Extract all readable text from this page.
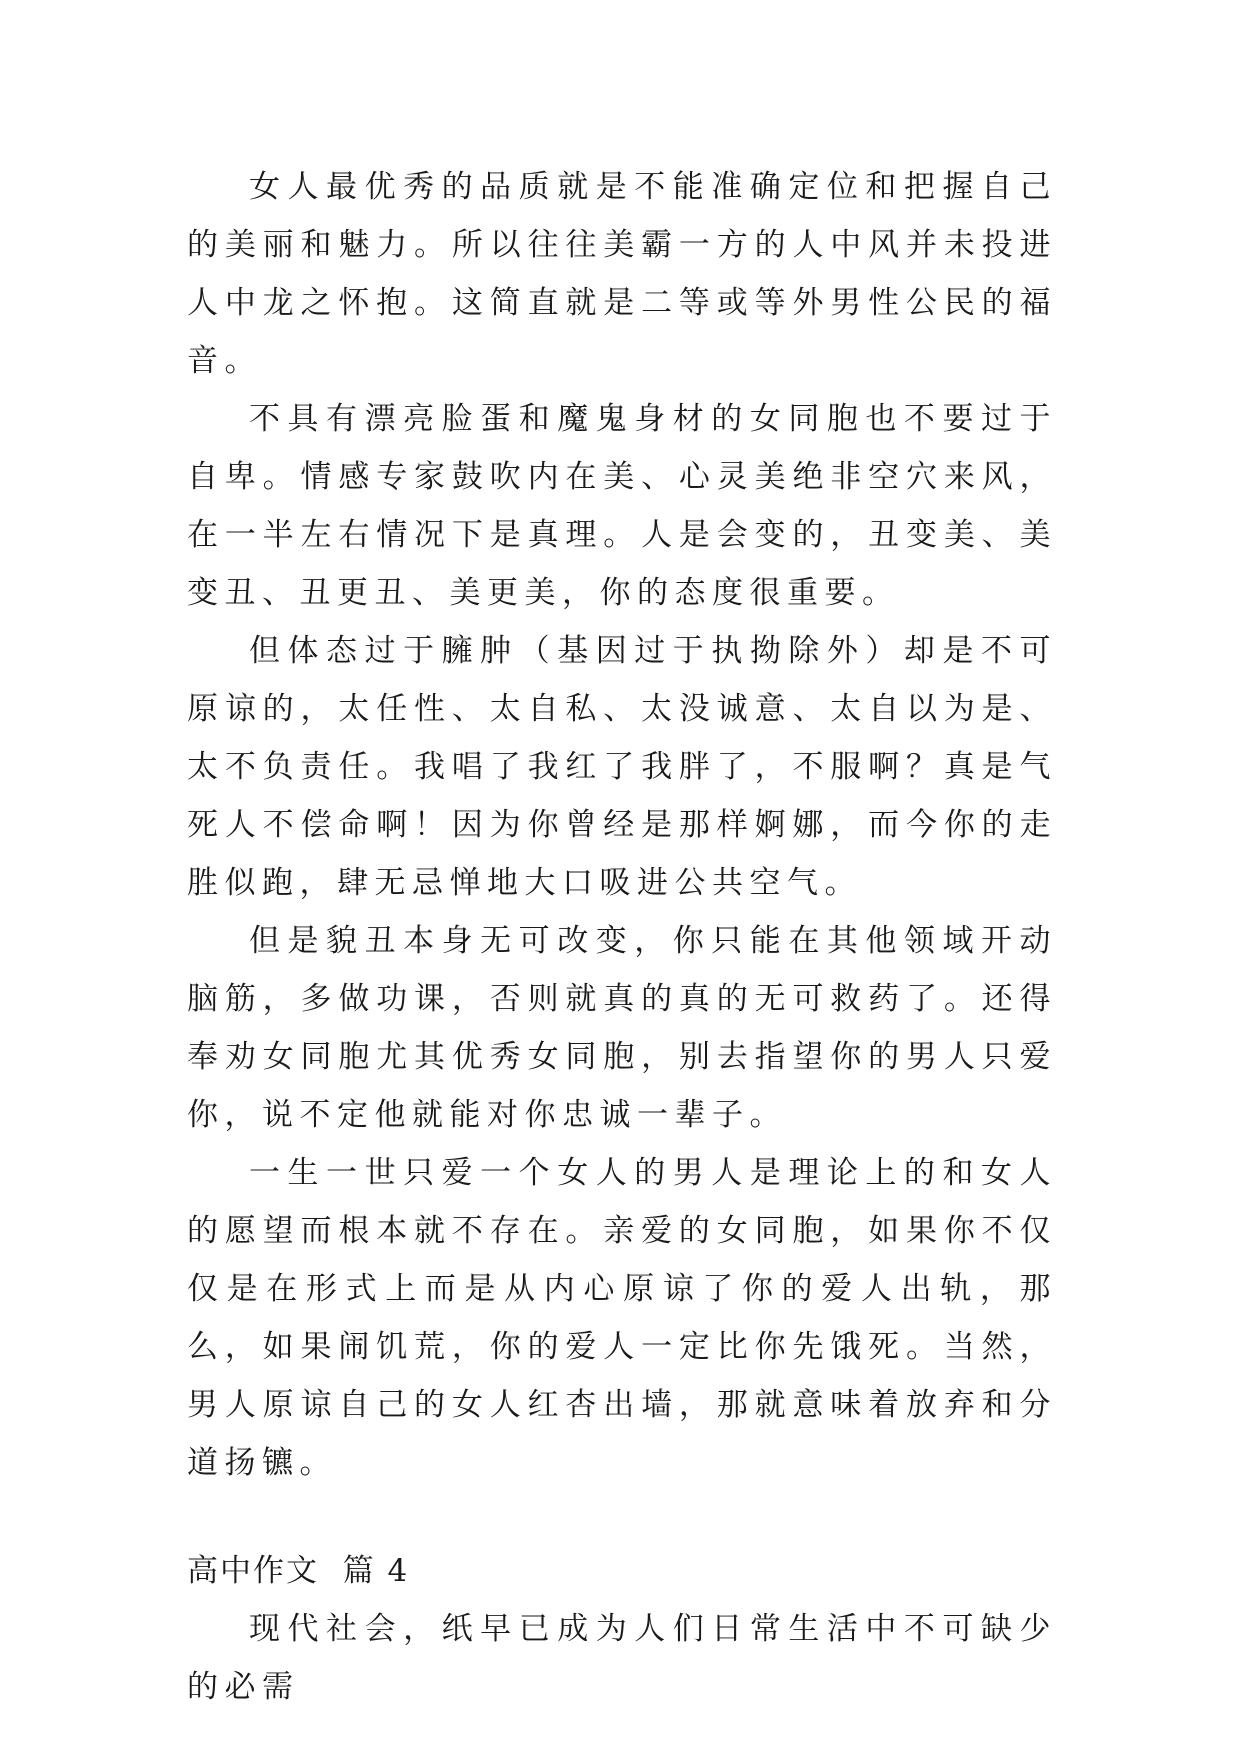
女人最优秀的品质就是不能准确定位和把握自己的美丽和魅力。所以往往美霸一方的人中风并未投进人中龙之怀抱。这简直就是二等或等外男性公民的福音。

不具有漂亮脸蛋和魔鬼身材的女同胞也不要过于自卑。情感专家鼓吹内在美、心灵美绝非空穴来风，在一半左右情况下是真理。人是会变的，丑变美、美变丑、丑更丑、美更美，你的态度很重要。

但体态过于臃肿（基因过于执拗除外）却是不可原谅的，太任性、太自私、太没诚意、太自以为是、太不负责任。我唱了我红了我胖了，不服啊？真是气死人不偿命啊！因为你曾经是那样婀娜，而今你的走胜似跑，肆无忌惮地大口吸进公共空气。

但是貌丑本身无可改变，你只能在其他领域开动脑筋，多做功课，否则就真的真的无可救药了。还得奉劝女同胞尤其优秀女同胞，别去指望你的男人只爱你，说不定他就能对你忠诚一辈子。

一生一世只爱一个女人的男人是理论上的和女人的愿望而根本就不存在。亲爱的女同胞，如果你不仅仅是在形式上而是从内心原谅了你的爱人出轨，那么，如果闹饥荒，你的爱人一定比你先饿死。当然，男人原谅自己的女人红杏出墙，那就意味着放弃和分道扬镳。

高中作文  篇 4

现代社会，纸早已成为人们日常生活中不可缺少的必需
